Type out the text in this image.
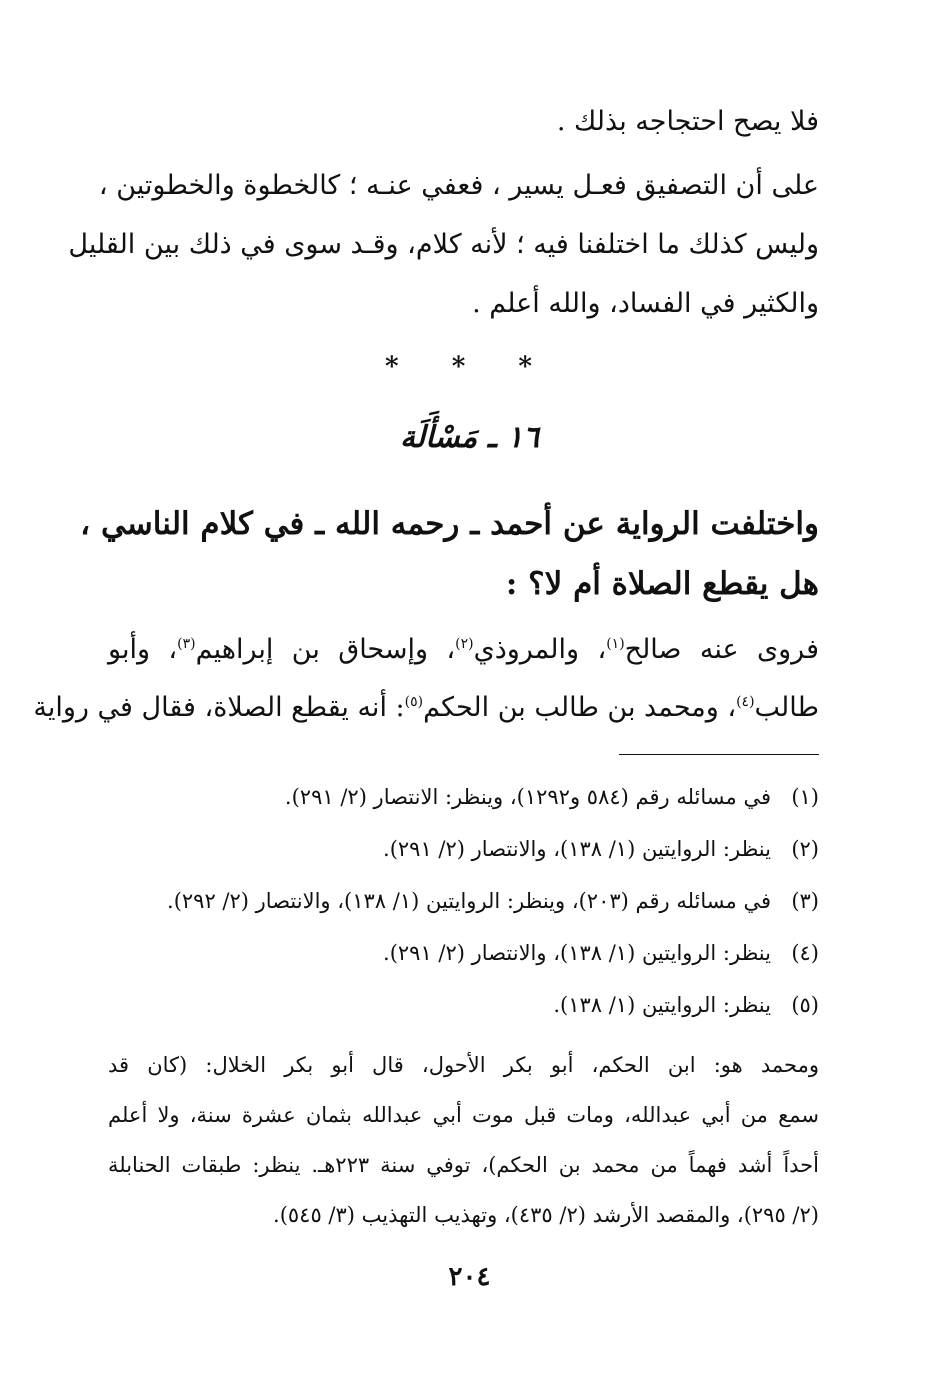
فلا يصح احتجاجه بذلك .
على أن التصفيق فعـل يسير ، فعفي عنـه ؛ كالخطوة والخطوتين ،
وليس كذلك ما اختلفنا فيه ؛ لأنه كلام، وقـد سوى في ذلك بين القليل
والكثير في الفساد، والله أعلم .
* * *
١٦ ـ مَسْأَلَة
واختلفت الرواية عن أحمد ـ رحمه الله ـ في كلام الناسي ،
هل يقطع الصلاة أم لا؟ :
فروى عنه صالح$^{(١)}$، والمروذي$^{(٢)}$، وإسحاق بن إبراهيم$^{(٣)}$، وأبو
طالب$^{(٤)}$، ومحمد بن طالب بن الحكم$^{(٥)}$: أنه يقطع الصلاة، فقال في رواية
(١)في مسائله رقم (٥٨٤ و١٢٩٢)، وينظر: الانتصار (٢/ ٢٩١).
(٢)ينظر: الروايتين (١/ ١٣٨)، والانتصار (٢/ ٢٩١).
(٣)في مسائله رقم (٢٠٣)، وينظر: الروايتين (١/ ١٣٨)، والانتصار (٢/ ٢٩٢).
(٤)ينظر: الروايتين (١/ ١٣٨)، والانتصار (٢/ ٢٩١).
(٥)ينظر: الروايتين (١/ ١٣٨).
ومحمد هو: ابن الحكم، أبو بكر الأحول، قال أبو بكر الخلال: (كان قد
سمع من أبي عبدالله، ومات قبل موت أبي عبدالله بثمان عشرة سنة، ولا أعلم
أحداً أشد فهماً من محمد بن الحكم)، توفي سنة ٢٢٣هـ. ينظر: طبقات الحنابلة
(٢/ ٢٩٥)، والمقصد الأرشد (٢/ ٤٣٥)، وتهذيب التهذيب (٣/ ٥٤٥).
٢٠٤
